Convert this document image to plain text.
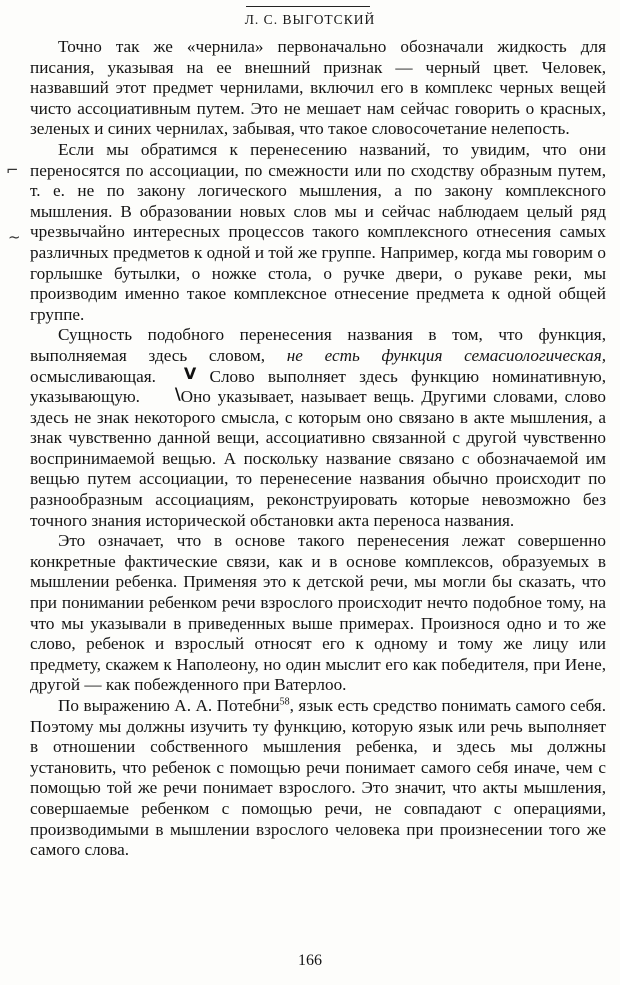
Л. С. ВЫГОТСКИЙ
⌐
~

Точно так же «чернила» первоначально обозначали жидкость для писания, указывая на ее внешний признак — черный цвет. Человек, назвавший этот предмет чернилами, включил его в комплекс черных вещей чисто ассоциативным путем. Это не мешает нам сейчас говорить о красных, зеленых и синих чернилах, забывая, что такое словосочетание нелепость.

Если мы обратимся к перенесению названий, то увидим, что они переносятся по ассоциации, по смежности или по сходству образным путем, т. е. не по закону логического мышления, а по закону комплексного мышления. В образовании новых слов мы и сейчас наблюдаем целый ряд чрезвычайно интересных процессов такого комплексного отнесения самых различных предметов к одной и той же группе. Например, когда мы говорим о горлышке бутылки, о ножке стола, о ручке двери, о рукаве реки, мы производим именно такое комплексное отнесение предмета к одной общей группе.

Сущность подобного перенесения названия в том, что функция, выполняемая здесь словом, не есть функция семасиологическая, осмысливающая. V Слово выполняет здесь функцию номинативную, указывающую. \Оно указывает, называет вещь. Другими словами, слово здесь не знак некоторого смысла, с которым оно связано в акте мышления, а знак чувственно данной вещи, ассоциативно связанной с другой чувственно воспринимаемой вещью. А поскольку название связано с обозначаемой им вещью путем ассоциации, то перенесение названия обычно происходит по разнообразным ассоциациям, реконструировать которые невозможно без точного знания исторической обстановки акта переноса названия.

Это означает, что в основе такого перенесения лежат совершенно конкретные фактические связи, как и в основе комплексов, образуемых в мышлении ребенка. Применяя это к детской речи, мы могли бы сказать, что при понимании ребенком речи взрослого происходит нечто подобное тому, на что мы указывали в приведенных выше примерах. Произнося одно и то же слово, ребенок и взрослый относят его к одному и тому же лицу или предмету, скажем к Наполеону, но один мыслит его как победителя, при Иене, другой — как побежденного при Ватерлоо.

По выражению А. А. Потебни$^{58}$, язык есть средство понимать самого себя. Поэтому мы должны изучить ту функцию, которую язык или речь выполняет в отношении собственного мышления ребенка, и здесь мы должны установить, что ребенок с помощью речи понимает самого себя иначе, чем с помощью той же речи понимает взрослого. Это значит, что акты мышления, совершаемые ребенком с помощью речи, не совпадают с операциями, производимыми в мышлении взрослого человека при произнесении того же самого слова.

166
